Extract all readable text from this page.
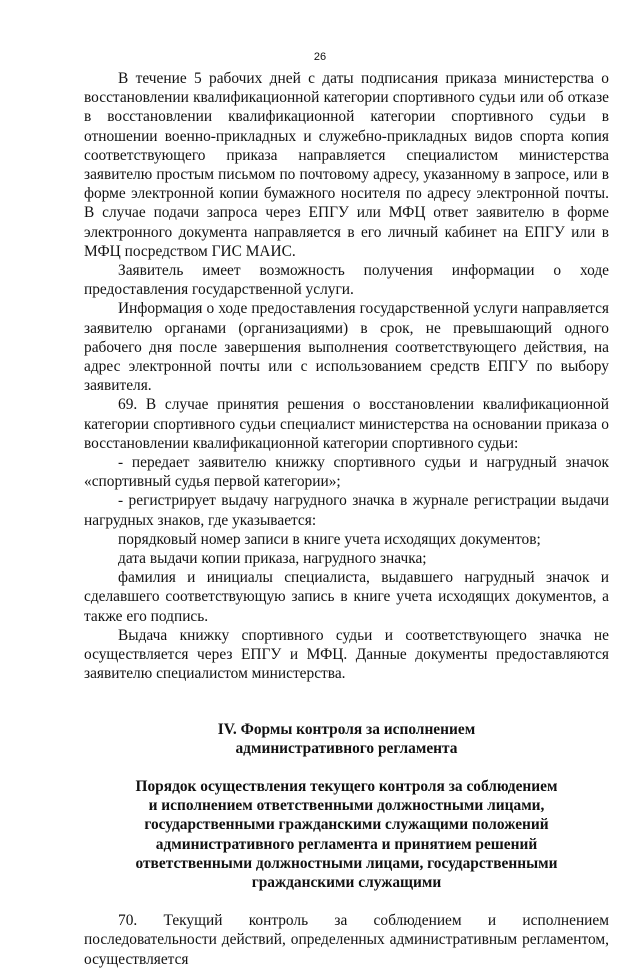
26

В течение 5 рабочих дней с даты подписания приказа министерства о восстановлении квалификационной категории спортивного судьи или об отказе в восстановлении квалификационной категории спортивного судьи в отношении военно-прикладных и служебно-прикладных видов спорта копия соответствующего приказа направляется специалистом министерства заявителю простым письмом по почтовому адресу, указанному в запросе, или в форме электронной копии бумажного носителя по адресу электронной почты. В случае подачи запроса через ЕПГУ или МФЦ ответ заявителю в форме электронного документа направляется в его личный кабинет на ЕПГУ или в МФЦ посредством ГИС МАИС.

Заявитель имеет возможность получения информации о ходе предоставления государственной услуги.

Информация о ходе предоставления государственной услуги направляется заявителю органами (организациями) в срок, не превышающий одного рабочего дня после завершения выполнения соответствующего действия, на адрес электронной почты или с использованием средств ЕПГУ по выбору заявителя.

69. В случае принятия решения о восстановлении квалификационной категории спортивного судьи специалист министерства на основании приказа о восстановлении квалификационной категории спортивного судьи:

- передает заявителю книжку спортивного судьи и нагрудный значок «спортивный судья первой категории»;

- регистрирует выдачу нагрудного значка в журнале регистрации выдачи нагрудных знаков, где указывается:

порядковый номер записи в книге учета исходящих документов;

дата выдачи копии приказа, нагрудного значка;

фамилия и инициалы специалиста, выдавшего нагрудный значок и сделавшего соответствующую запись в книге учета исходящих документов, а также его подпись.

Выдача книжку спортивного судьи и соответствующего значка не осуществляется через ЕПГУ и МФЦ. Данные документы предоставляются заявителю специалистом министерства.

IV. Формы контроля за исполнением
административного регламента
Порядок осуществления текущего контроля за соблюдением
и исполнением ответственными должностными лицами,
государственными гражданскими служащими положений
административного регламента и принятием решений
ответственными должностными лицами, государственными
гражданскими служащими

70. Текущий контроль за соблюдением и исполнением последовательности действий, определенных административным регламентом, осуществляется
